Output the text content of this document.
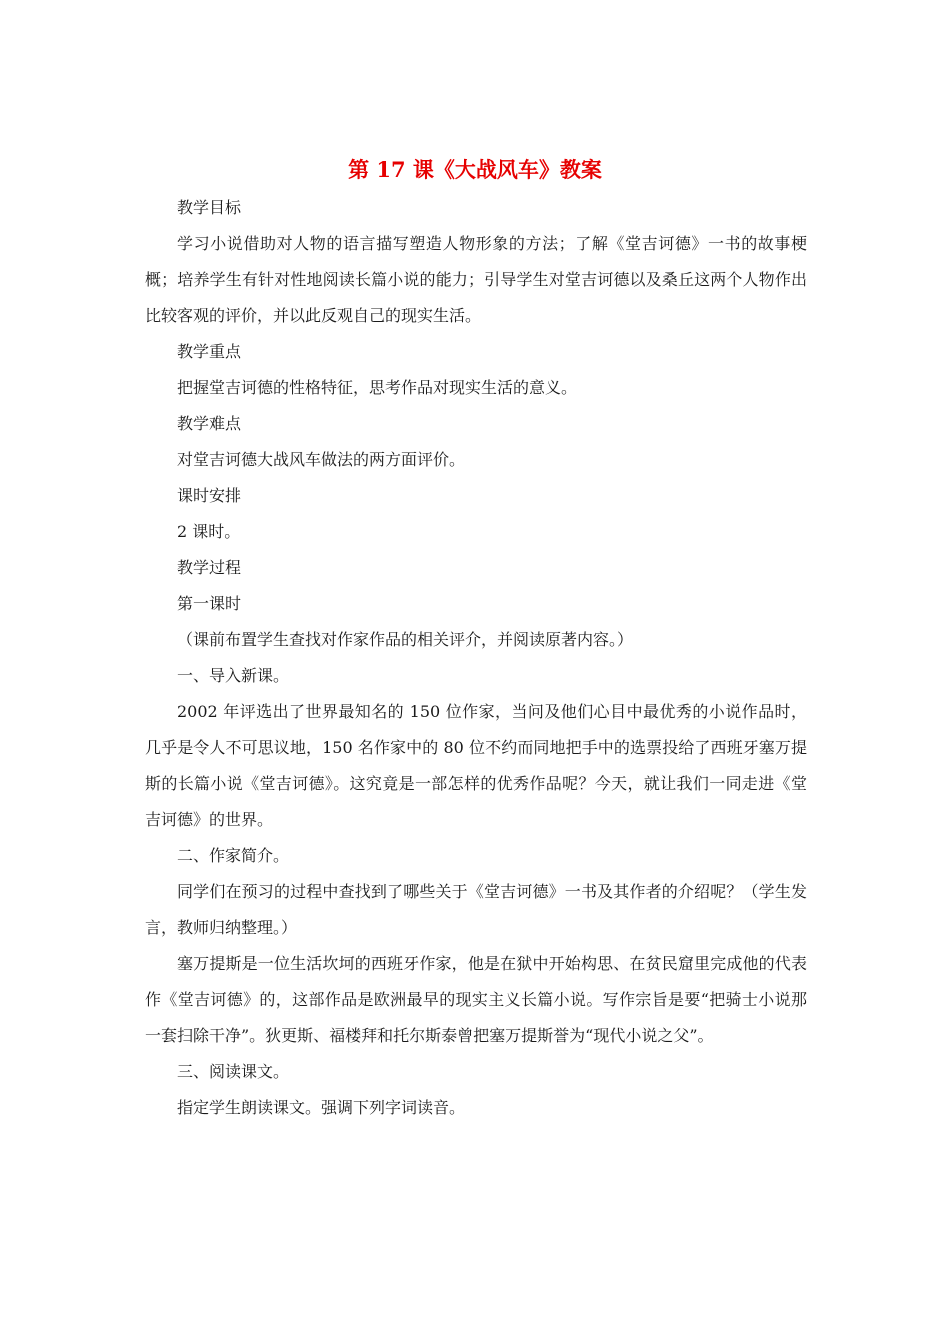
第 17 课《大战风车》教案

教学目标

学习小说借助对人物的语言描写塑造人物形象的方法；了解《堂吉诃德》一书的故事梗概；培养学生有针对性地阅读长篇小说的能力；引导学生对堂吉诃德以及桑丘这两个人物作出比较客观的评价，并以此反观自己的现实生活。

教学重点

把握堂吉诃德的性格特征，思考作品对现实生活的意义。

教学难点

对堂吉诃德大战风车做法的两方面评价。

课时安排

2 课时。

教学过程

第一课时

（课前布置学生查找对作家作品的相关评介，并阅读原著内容。）

一、导入新课。

2002 年评选出了世界最知名的 150 位作家，当问及他们心目中最优秀的小说作品时，几乎是令人不可思议地，150 名作家中的 80 位不约而同地把手中的选票投给了西班牙塞万提斯的长篇小说《堂吉诃德》。这究竟是一部怎样的优秀作品呢？今天，就让我们一同走进《堂吉诃德》的世界。

二、作家简介。

同学们在预习的过程中查找到了哪些关于《堂吉诃德》一书及其作者的介绍呢？（学生发言，教师归纳整理。）

塞万提斯是一位生活坎坷的西班牙作家，他是在狱中开始构思、在贫民窟里完成他的代表作《堂吉诃德》的，这部作品是欧洲最早的现实主义长篇小说。写作宗旨是要“把骑士小说那一套扫除干净”。狄更斯、福楼拜和托尔斯泰曾把塞万提斯誉为“现代小说之父”。

三、阅读课文。

指定学生朗读课文。强调下列字词读音。
